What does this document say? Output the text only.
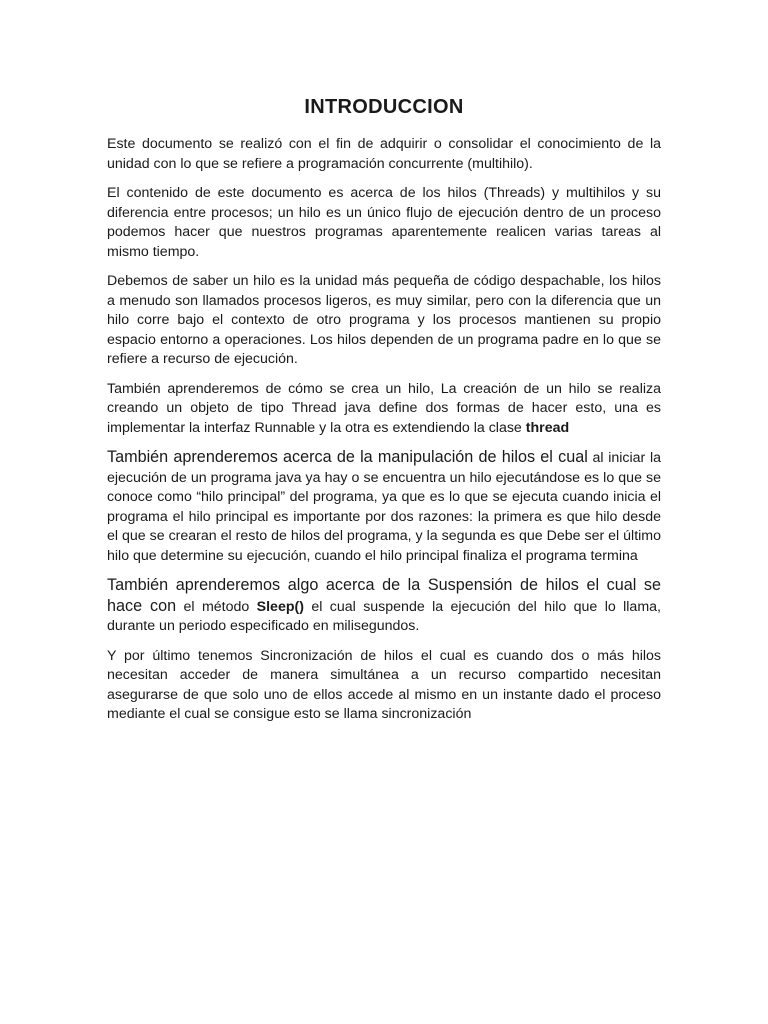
INTRODUCCION

Este documento se realizó con el fin de adquirir o consolidar el conocimiento de la unidad con lo que se refiere a programación concurrente (multihilo).

El contenido de este documento es acerca de los hilos (Threads) y multihilos y su diferencia entre procesos; un hilo es un único flujo de ejecución dentro de un proceso podemos hacer que nuestros programas aparentemente realicen varias tareas al mismo tiempo.

Debemos de saber un hilo es la unidad más pequeña de código despachable, los hilos    a menudo son llamados procesos ligeros, es muy similar, pero con la diferencia que un hilo corre bajo el contexto de otro programa y los procesos mantienen su propio espacio entorno a operaciones. Los hilos dependen de un programa padre en lo que se refiere a recurso de ejecución.

También aprenderemos de cómo se crea un hilo, La creación de un hilo se realiza creando un objeto de tipo Thread java define dos formas de hacer esto, una es implementar la interfaz Runnable y la otra es extendiendo la clase thread

También aprenderemos acerca de la manipulación de hilos el cual al iniciar la ejecución de un programa java ya hay o se encuentra un hilo ejecutándose es lo que se conoce como “hilo principal” del programa, ya que es lo que se ejecuta cuando inicia el programa el hilo principal es importante por dos razones: la primera es que hilo desde el que se crearan el resto de hilos del programa, y la segunda es que Debe ser el último hilo que determine su ejecución, cuando el hilo principal finaliza el programa termina

También aprenderemos algo acerca de la Suspensión de hilos el cual se hace con el método Sleep() el cual suspende la ejecución del hilo que lo llama, durante un periodo especificado en milisegundos.

Y por último tenemos Sincronización de hilos el cual es cuando dos o más hilos necesitan acceder de manera simultánea a un recurso compartido necesitan asegurarse de que solo uno de ellos accede al mismo en un instante dado el proceso mediante el cual se consigue esto se llama sincronización
